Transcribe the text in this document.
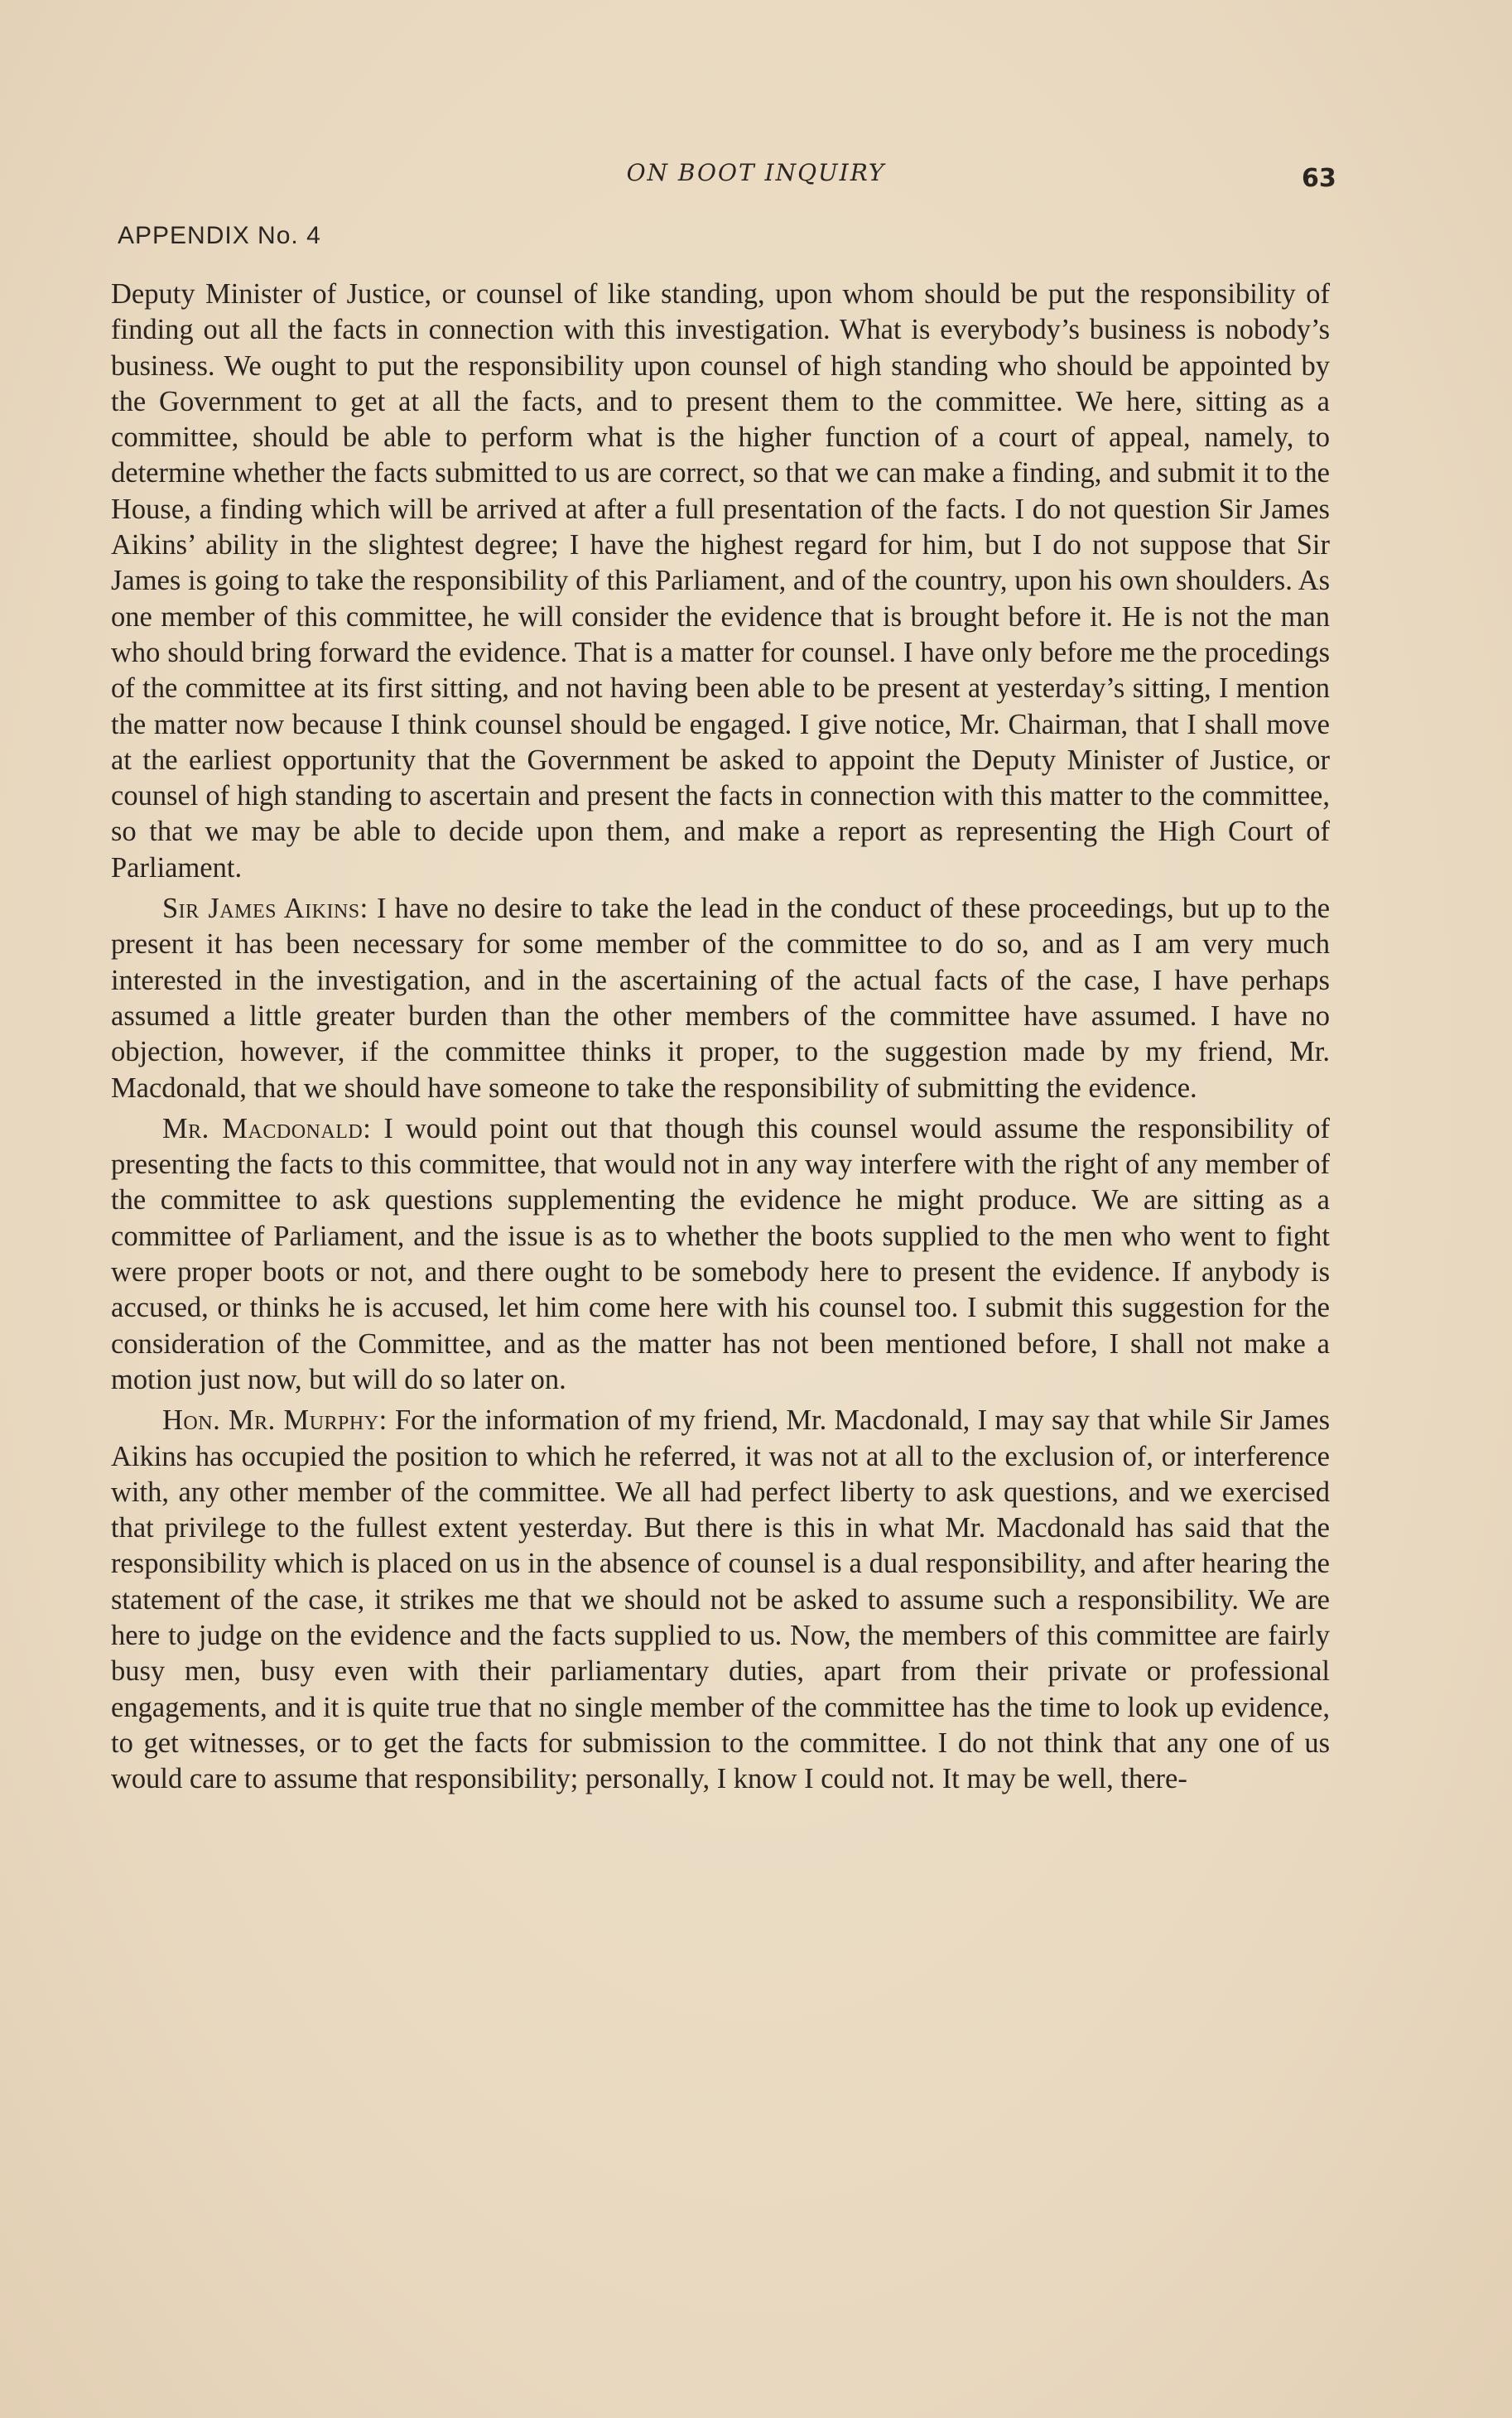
ON BOOT INQUIRY	63
APPENDIX No. 4

Deputy Minister of Justice, or counsel of like standing, upon whom should be put the responsibility of finding out all the facts in connection with this investigation. What is everybody’s business is nobody’s business. We ought to put the responsibility upon counsel of high standing who should be appointed by the Government to get at all the facts, and to present them to the committee. We here, sitting as a committee, should be able to perform what is the higher function of a court of appeal, namely, to determine whether the facts submitted to us are correct, so that we can make a finding, and submit it to the House, a finding which will be arrived at after a full presentation of the facts. I do not question Sir James Aikins’ ability in the slightest degree; I have the highest regard for him, but I do not suppose that Sir James is going to take the responsibility of this Parliament, and of the country, upon his own shoulders. As one member of this committee, he will consider the evidence that is brought before it. He is not the man who should bring forward the evidence. That is a matter for counsel. I have only before me the procedings of the committee at its first sitting, and not having been able to be present at yesterday’s sitting, I mention the matter now because I think counsel should be engaged. I give notice, Mr. Chairman, that I shall move at the earliest opportunity that the Government be asked to appoint the Deputy Minister of Justice, or counsel of high standing to ascertain and present the facts in connection with this matter to the committee, so that we may be able to decide upon them, and make a report as representing the High Court of Parliament.

Sir James Aikins: I have no desire to take the lead in the conduct of these proceedings, but up to the present it has been necessary for some member of the committee to do so, and as I am very much interested in the investigation, and in the ascertaining of the actual facts of the case, I have perhaps assumed a little greater burden than the other members of the committee have assumed. I have no objection, however, if the committee thinks it proper, to the suggestion made by my friend, Mr. Macdonald, that we should have someone to take the responsibility of submitting the evidence.

Mr. Macdonald: I would point out that though this counsel would assume the responsibility of presenting the facts to this committee, that would not in any way interfere with the right of any member of the committee to ask questions supplementing the evidence he might produce. We are sitting as a committee of Parliament, and the issue is as to whether the boots supplied to the men who went to fight were proper boots or not, and there ought to be somebody here to present the evidence. If anybody is accused, or thinks he is accused, let him come here with his counsel too. I submit this suggestion for the consideration of the Committee, and as the matter has not been mentioned before, I shall not make a motion just now, but will do so later on.

Hon. Mr. Murphy: For the information of my friend, Mr. Macdonald, I may say that while Sir James Aikins has occupied the position to which he referred, it was not at all to the exclusion of, or interference with, any other member of the committee. We all had perfect liberty to ask questions, and we exercised that privilege to the fullest extent yesterday. But there is this in what Mr. Macdonald has said that the responsibility which is placed on us in the absence of counsel is a dual responsibility, and after hearing the statement of the case, it strikes me that we should not be asked to assume such a responsibility. We are here to judge on the evidence and the facts supplied to us. Now, the members of this committee are fairly busy men, busy even with their parliamentary duties, apart from their private or professional engagements, and it is quite true that no single member of the committee has the time to look up evidence, to get witnesses, or to get the facts for submission to the committee. I do not think that any one of us would care to assume that responsibility; personally, I know I could not. It may be well, there-
